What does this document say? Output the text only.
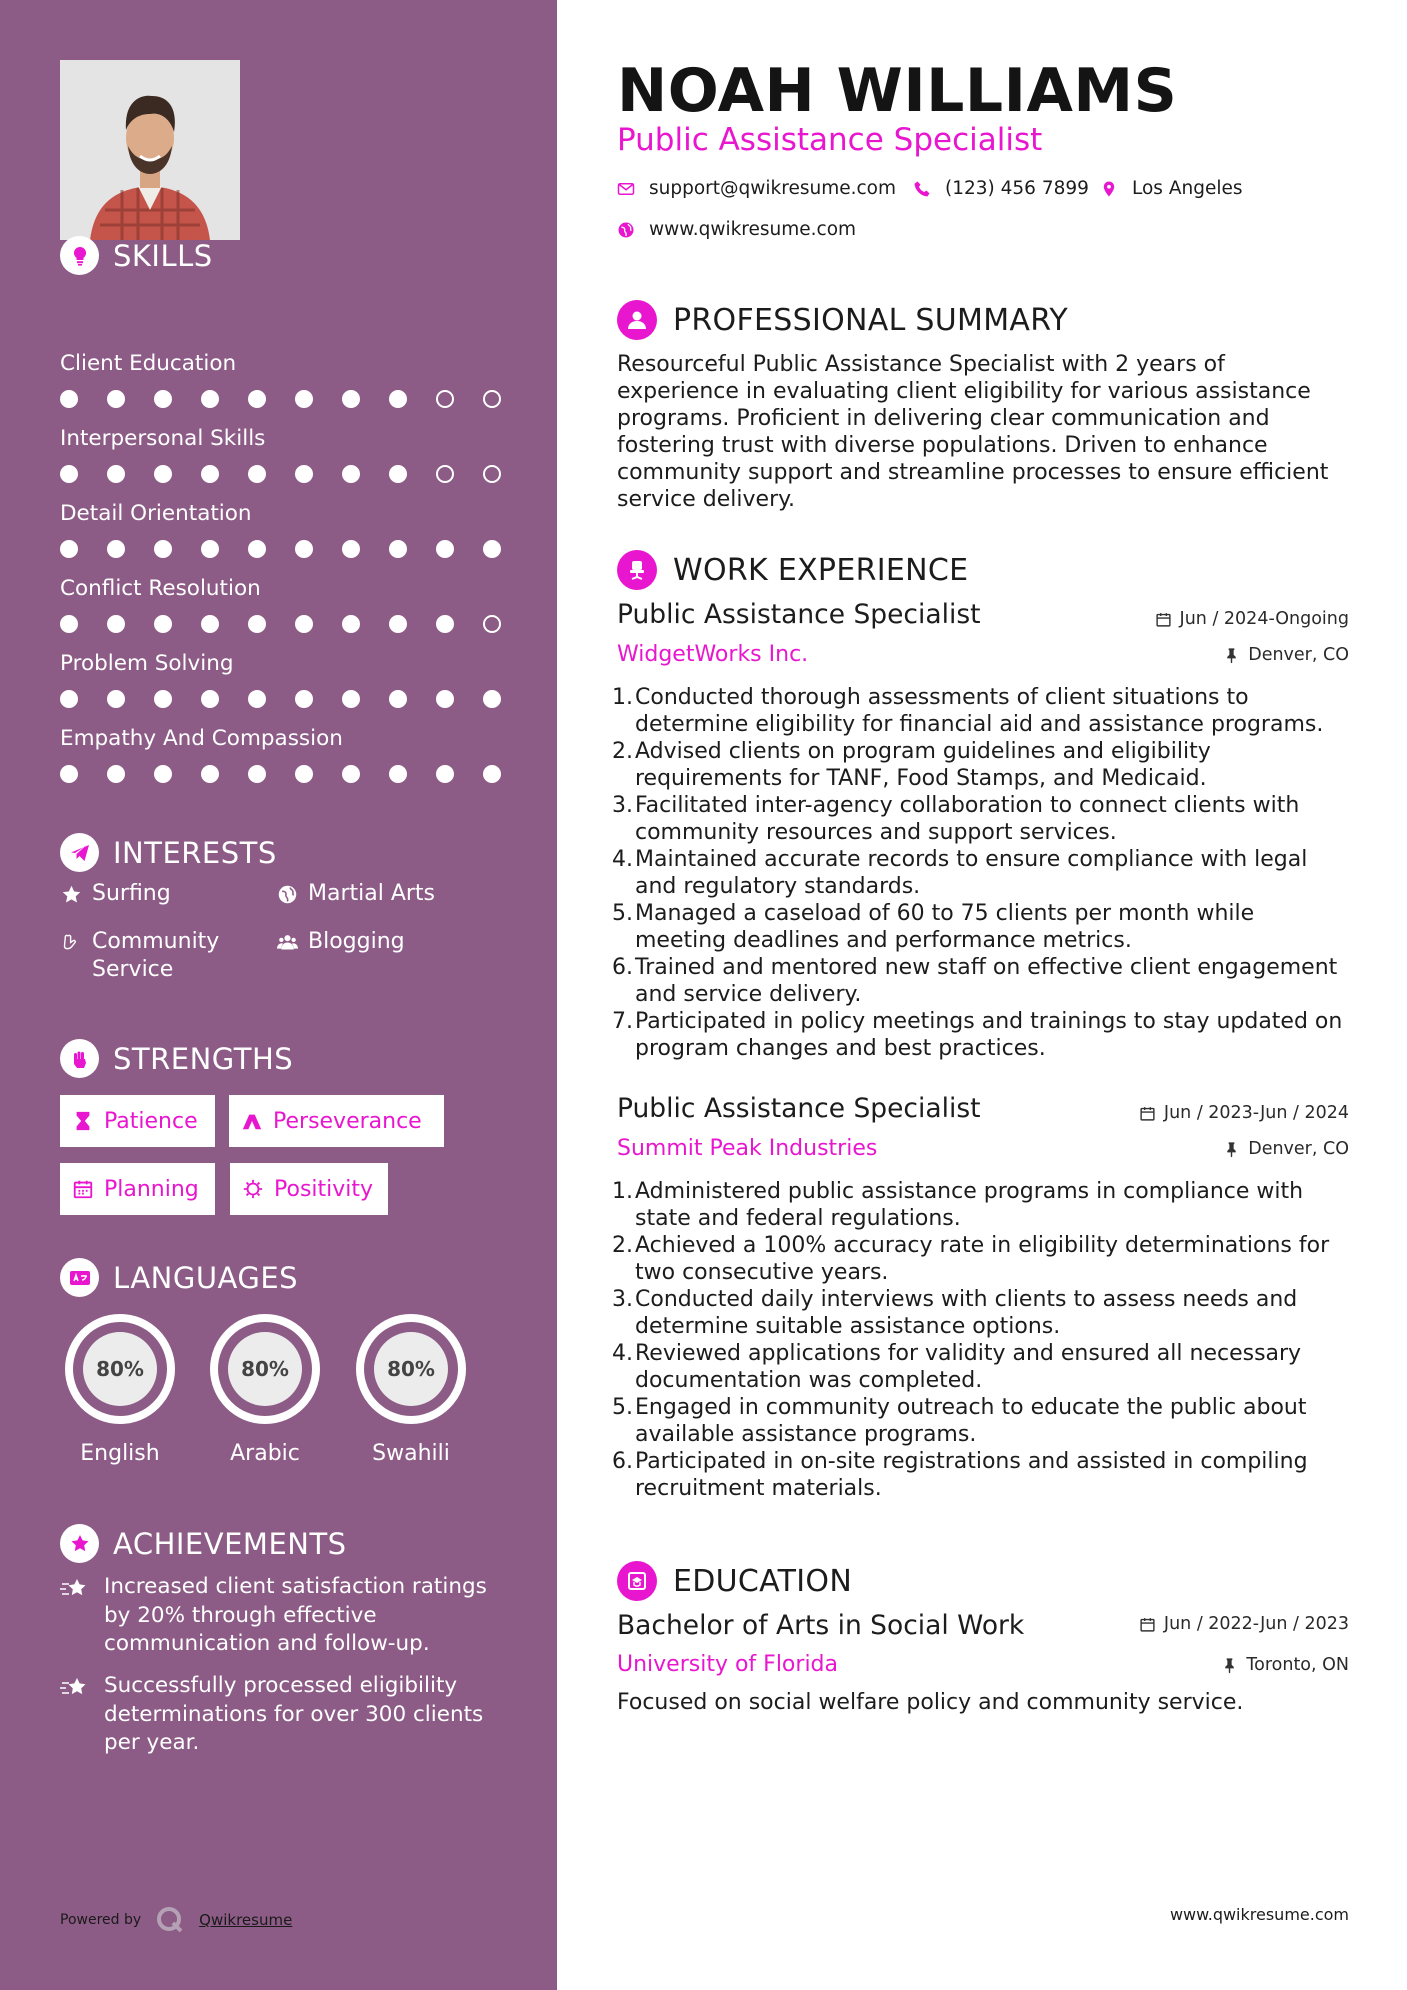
SKILLS
Client Education
Interpersonal Skills
Detail Orientation
Conflict Resolution
Problem Solving
Empathy And Compassion
INTERESTS
Surfing	Martial Arts
Community Service
Blogging
STRENGTHS
Patience	Perseverance
Planning	Positivity
LANGUAGES
80%
English
80%
Arabic
80%
Swahili
ACHIEVEMENTS
Increased client satisfaction ratings by 20% through effective communication and follow-up.
Successfully processed eligibility determinations for over 300 clients per year.
Powered by	Qwikresume
NOAH WILLIAMS
Public Assistance Specialist
support@qwikresume.com	(123) 456 7899 Los Angeles
www.qwikresume.com
PROFESSIONAL SUMMARY

Resourceful Public Assistance Specialist with 2 years of experience in evaluating client eligibility for various assistance programs. Proficient in delivering clear communication and fostering trust with diverse populations. Driven to enhance community support and streamline processes to ensure efficient service delivery.

WORK EXPERIENCE
Public Assistance Specialist
WidgetWorks Inc.
Jun / 2024-Ongoing
Denver, CO
Conducted thorough assessments of client situations to determine eligibility for financial aid and assistance programs.
Advised clients on program guidelines and eligibility requirements for TANF, Food Stamps, and Medicaid.
Facilitated inter-agency collaboration to connect clients with community resources and support services.
Maintained accurate records to ensure compliance with legal and regulatory standards.
Managed a caseload of 60 to 75 clients per month while meeting deadlines and performance metrics.
Trained and mentored new staff on effective client engagement and service delivery.
Participated in policy meetings and trainings to stay updated on program changes and best practices.
Public Assistance Specialist
Summit Peak Industries
Jun / 2023-Jun / 2024
Denver, CO
Administered public assistance programs in compliance with state and federal regulations.
Achieved a 100% accuracy rate in eligibility determinations for two consecutive years.
Conducted daily interviews with clients to assess needs and determine suitable assistance options.
Reviewed applications for validity and ensured all necessary documentation was completed.
Engaged in community outreach to educate the public about available assistance programs.
Participated in on-site registrations and assisted in compiling recruitment materials.
EDUCATION
Bachelor of Arts in Social Work
University of Florida
Jun / 2022-Jun / 2023
Toronto, ON

Focused on social welfare policy and community service.

www.qwikresume.com
